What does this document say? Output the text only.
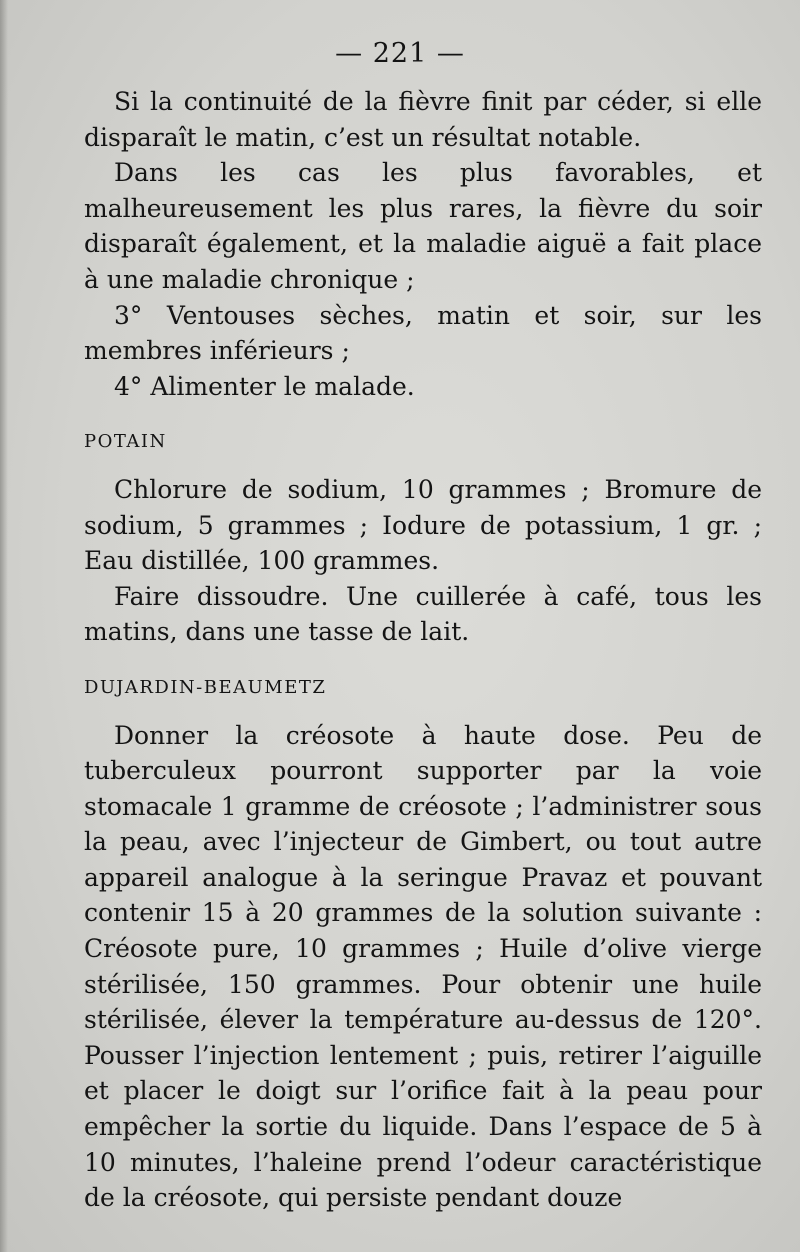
— 221 —

Si la continuité de la fièvre finit par céder, si elle disparaît le matin, c’est un résultat notable.

Dans les cas les plus favorables, et malheureusement les plus rares, la fièvre du soir disparaît également, et la maladie aiguë a fait place à une maladie chronique ;

3° Ventouses sèches, matin et soir, sur les membres inférieurs ;

4° Alimenter le malade.

POTAIN

Chlorure de sodium, 10 grammes ; Bromure de sodium, 5 grammes ; Iodure de potassium, 1 gr. ; Eau distillée, 100 grammes.

Faire dissoudre. Une cuillerée à café, tous les matins, dans une tasse de lait.

DUJARDIN-BEAUMETZ

Donner la créosote à haute dose. Peu de tuberculeux pourront supporter par la voie stomacale 1 gramme de créosote ; l’administrer sous la peau, avec l’injecteur de Gimbert, ou tout autre appareil analogue à la seringue Pravaz et pouvant contenir 15 à 20 grammes de la solution suivante : Créosote pure, 10 grammes ; Huile d’olive vierge stérilisée, 150 grammes. Pour obtenir une huile stérilisée, élever la température au-dessus de 120°. Pousser l’injection lentement ; puis, retirer l’aiguille et placer le doigt sur l’orifice fait à la peau pour empêcher la sortie du liquide. Dans l’espace de 5 à 10 minutes, l’haleine prend l’odeur caractéristique de la créosote, qui persiste pendant douze
